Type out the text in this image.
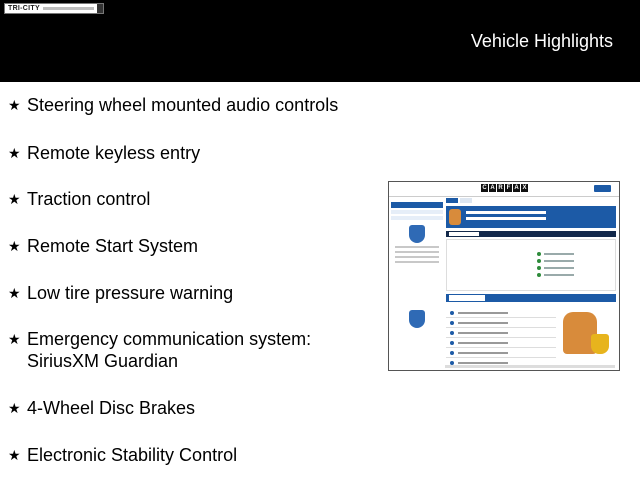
TRI-CITY
Vehicle Highlights
★ Steering wheel mounted audio controls
★ Remote keyless entry
★ Traction control
★ Remote Start System
★ Low tire pressure warning
★ Emergency communication system: SiriusXM Guardian
★ 4-Wheel Disc Brakes
★ Electronic Stability Control
C A R F A X
